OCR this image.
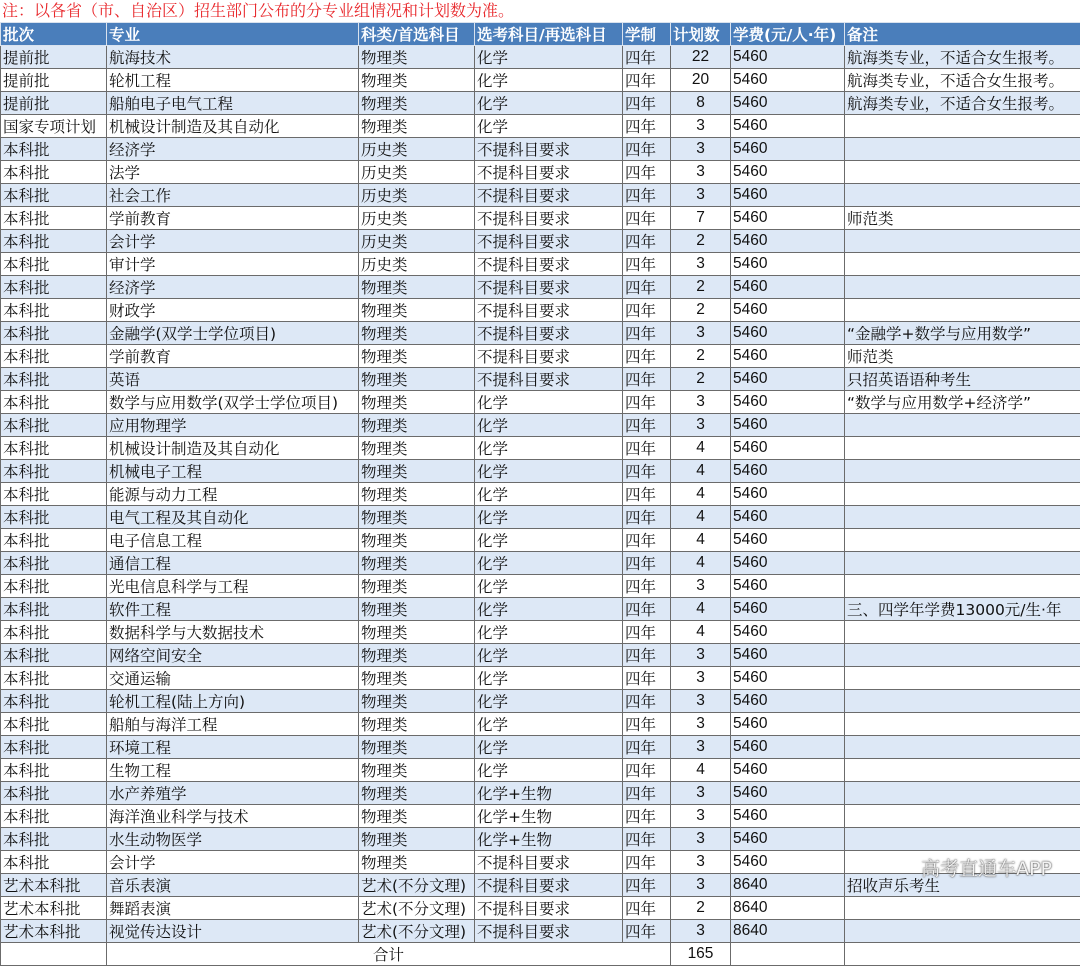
注：以各省（市、自治区）招生部门公布的分专业组情况和计划数为准。
批次	专业	科类/首选科目	选考科目/再选科目	学制	计划数	学费(元/人·年)	备注
提前批	航海技术	物理类	化学	四年	22	5460	航海类专业，不适合女生报考。
提前批	轮机工程	物理类	化学	四年	20	5460	航海类专业，不适合女生报考。
提前批	船舶电子电气工程	物理类	化学	四年	8	5460	航海类专业，不适合女生报考。
国家专项计划	机械设计制造及其自动化	物理类	化学	四年	3	5460	
本科批	经济学	历史类	不提科目要求	四年	3	5460	
本科批	法学	历史类	不提科目要求	四年	3	5460	
本科批	社会工作	历史类	不提科目要求	四年	3	5460	
本科批	学前教育	历史类	不提科目要求	四年	7	5460	师范类
本科批	会计学	历史类	不提科目要求	四年	2	5460	
本科批	审计学	历史类	不提科目要求	四年	3	5460	
本科批	经济学	物理类	不提科目要求	四年	2	5460	
本科批	财政学	物理类	不提科目要求	四年	2	5460	
本科批	金融学(双学士学位项目)	物理类	不提科目要求	四年	3	5460	“金融学+数学与应用数学”
本科批	学前教育	物理类	不提科目要求	四年	2	5460	师范类
本科批	英语	物理类	不提科目要求	四年	2	5460	只招英语语种考生
本科批	数学与应用数学(双学士学位项目)	物理类	化学	四年	3	5460	“数学与应用数学+经济学”
本科批	应用物理学	物理类	化学	四年	3	5460	
本科批	机械设计制造及其自动化	物理类	化学	四年	4	5460	
本科批	机械电子工程	物理类	化学	四年	4	5460	
本科批	能源与动力工程	物理类	化学	四年	4	5460	
本科批	电气工程及其自动化	物理类	化学	四年	4	5460	
本科批	电子信息工程	物理类	化学	四年	4	5460	
本科批	通信工程	物理类	化学	四年	4	5460	
本科批	光电信息科学与工程	物理类	化学	四年	3	5460	
本科批	软件工程	物理类	化学	四年	4	5460	三、四学年学费13000元/生·年
本科批	数据科学与大数据技术	物理类	化学	四年	4	5460	
本科批	网络空间安全	物理类	化学	四年	3	5460	
本科批	交通运输	物理类	化学	四年	3	5460	
本科批	轮机工程(陆上方向)	物理类	化学	四年	3	5460	
本科批	船舶与海洋工程	物理类	化学	四年	3	5460	
本科批	环境工程	物理类	化学	四年	3	5460	
本科批	生物工程	物理类	化学	四年	4	5460	
本科批	水产养殖学	物理类	化学+生物	四年	3	5460	
本科批	海洋渔业科学与技术	物理类	化学+生物	四年	3	5460	
本科批	水生动物医学	物理类	化学+生物	四年	3	5460	
本科批	会计学	物理类	不提科目要求	四年	3	5460	
艺术本科批	音乐表演	艺术(不分文理)	不提科目要求	四年	3	8640	招收声乐考生
艺术本科批	舞蹈表演	艺术(不分文理)	不提科目要求	四年	2	8640	
艺术本科批	视觉传达设计	艺术(不分文理)	不提科目要求	四年	3	8640	
	合计				165		
高考直通车APP
